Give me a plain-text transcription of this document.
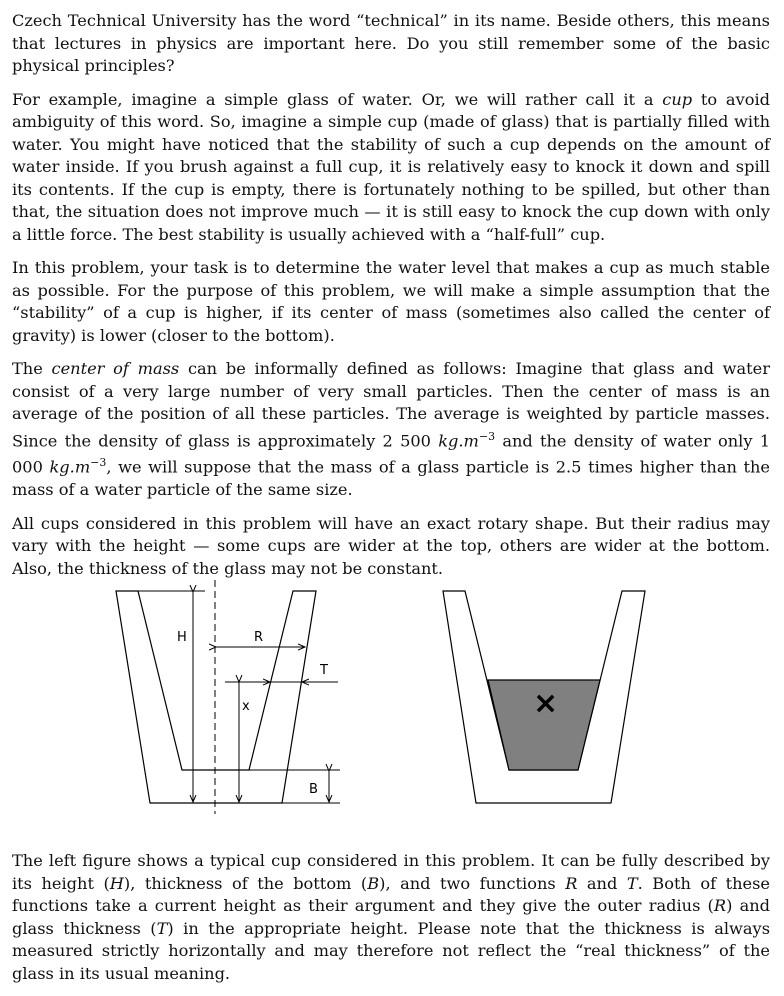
Czech Technical University has the word “technical” in its name. Beside others, this means that lectures in physics are important here. Do you still remember some of the basic physical principles?

For example, imagine a simple glass of water. Or, we will rather call it a cup to avoid ambiguity of this word. So, imagine a simple cup (made of glass) that is partially filled with water. You might have noticed that the stability of such a cup depends on the amount of water inside. If you brush against a full cup, it is relatively easy to knock it down and spill its contents. If the cup is empty, there is fortunately nothing to be spilled, but other than that, the situation does not improve much — it is still easy to knock the cup down with only a little force. The best stability is usually achieved with a “half-full” cup.

In this problem, your task is to determine the water level that makes a cup as much stable as possible. For the purpose of this problem, we will make a simple assumption that the “stability” of a cup is higher, if its center of mass (sometimes also called the center of gravity) is lower (closer to the bottom).

The center of mass can be informally defined as follows: Imagine that glass and water consist of a very large number of very small particles. Then the center of mass is an average of the position of all these particles. The average is weighted by particle masses. Since the density of glass is approximately 2 500 $kg.m^{-3}$ and the density of water only 1 000 $kg.m^{-3}$, we will suppose that the mass of a glass particle is 2.5 times higher than the mass of a water particle of the same size.

All cups considered in this problem will have an exact rotary shape. But their radius may vary with the height — some cups are wider at the top, others are wider at the bottom. Also, the thickness of the glass may not be constant.

H	R
x
T
B
×

The left figure shows a typical cup considered in this problem. It can be fully described by its height (H), thickness of the bottom (B), and two functions R and T. Both of these functions take a current height as their argument and they give the outer radius (R) and glass thickness (T) in the appropriate height. Please note that the thickness is always measured strictly horizontally and may therefore not reflect the “real thickness” of the glass in its usual meaning.
